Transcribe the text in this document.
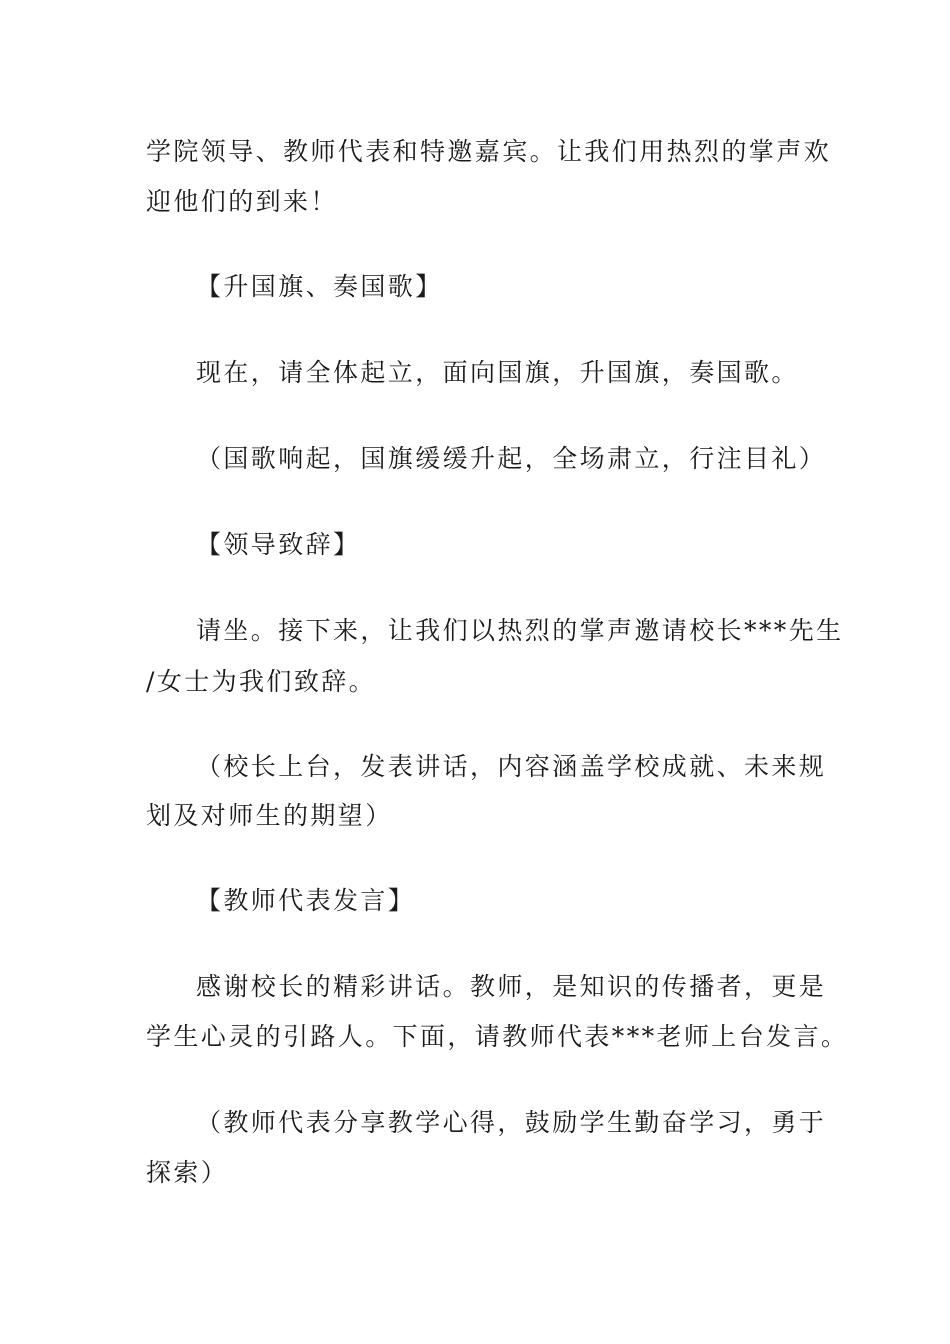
学院领导、教师代表和特邀嘉宾。让我们用热烈的掌声欢
迎他们的到来！
【升国旗、奏国歌】
现在，请全体起立，面向国旗，升国旗，奏国歌。
（国歌响起，国旗缓缓升起，全场肃立，行注目礼）
【领导致辞】
请坐。接下来，让我们以热烈的掌声邀请校长***先生
/女士为我们致辞。
（校长上台，发表讲话，内容涵盖学校成就、未来规
划及对师生的期望）
【教师代表发言】
感谢校长的精彩讲话。教师，是知识的传播者，更是
学生心灵的引路人。下面，请教师代表***老师上台发言。
（教师代表分享教学心得，鼓励学生勤奋学习，勇于
探索）
